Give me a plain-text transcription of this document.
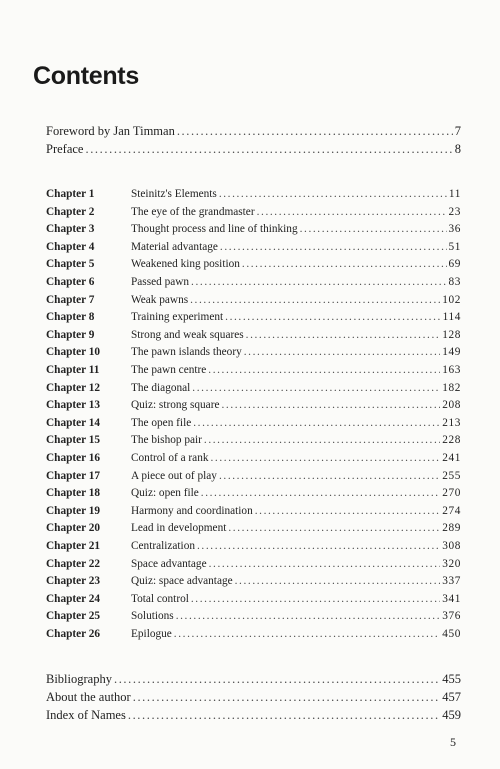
Contents
Foreword by Jan Timman .....	7
Preface .....	8
Chapter 1	Steinitz's Elements .....	11
Chapter 2	The eye of the grandmaster .....	23
Chapter 3	Thought process and line of thinking .....	36
Chapter 4	Material advantage .....	51
Chapter 5	Weakened king position .....	69
Chapter 6	Passed pawn .....	83
Chapter 7	Weak pawns .....	102
Chapter 8	Training experiment .....	114
Chapter 9	Strong and weak squares .....	128
Chapter 10	The pawn islands theory .....	149
Chapter 11	The pawn centre .....	163
Chapter 12	The diagonal .....	182
Chapter 13	Quiz: strong square .....	208
Chapter 14	The open file .....	213
Chapter 15	The bishop pair .....	228
Chapter 16	Control of a rank .....	241
Chapter 17	A piece out of play .....	255
Chapter 18	Quiz: open file .....	270
Chapter 19	Harmony and coordination .....	274
Chapter 20	Lead in development .....	289
Chapter 21	Centralization .....	308
Chapter 22	Space advantage .....	320
Chapter 23	Quiz: space advantage .....	337
Chapter 24	Total control .....	341
Chapter 25	Solutions .....	376
Chapter 26	Epilogue .....	450
Bibliography .....	455
About the author .....	457
Index of Names .....	459
5
